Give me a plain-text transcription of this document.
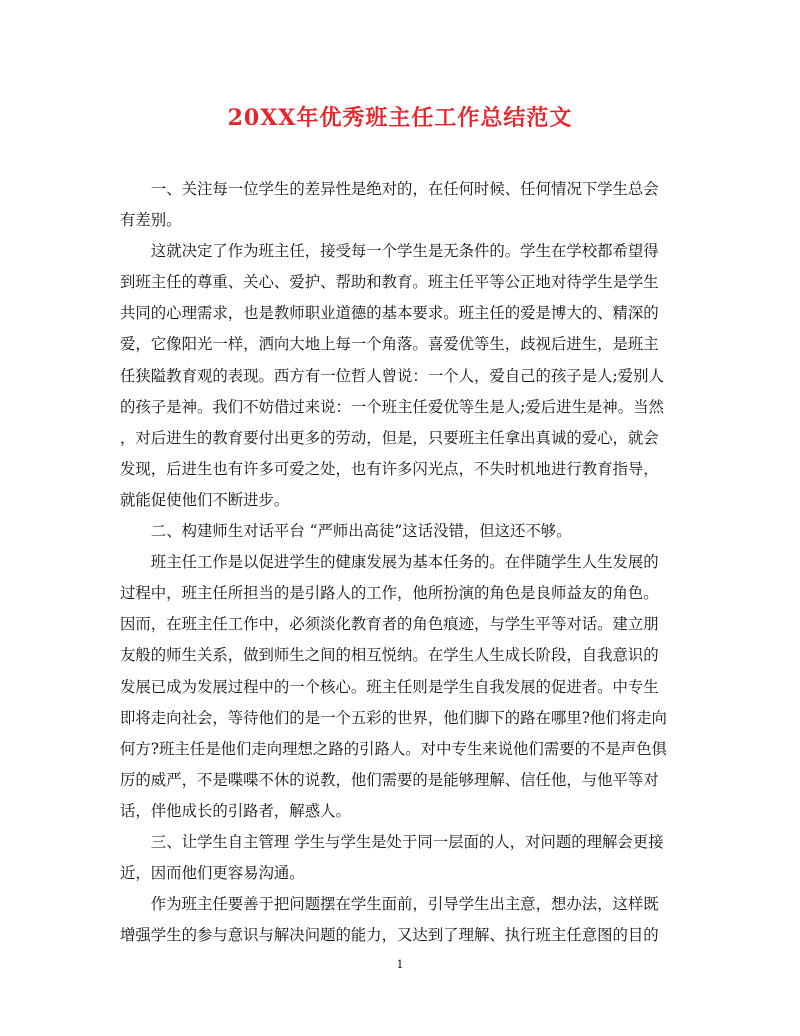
20XX年优秀班主任工作总结范文
一、关注每一位学生的差异性是绝对的，在任何时候、任何情况下学生总会
有差别。
这就决定了作为班主任，接受每一个学生是无条件的。学生在学校都希望得
到班主任的尊重、关心、爱护、帮助和教育。班主任平等公正地对待学生是学生
共同的心理需求，也是教师职业道德的基本要求。班主任的爱是博大的、精深的
爱，它像阳光一样，洒向大地上每一个角落。喜爱优等生，歧视后进生，是班主
任狭隘教育观的表现。西方有一位哲人曾说：一个人，爱自己的孩子是人;爱别人
的孩子是神。我们不妨借过来说：一个班主任爱优等生是人;爱后进生是神。当然
，对后进生的教育要付出更多的劳动，但是，只要班主任拿出真诚的爱心，就会
发现，后进生也有许多可爱之处，也有许多闪光点，不失时机地进行教育指导，
就能促使他们不断进步。
二、构建师生对话平台 “严师出高徒”这话没错，但这还不够。
班主任工作是以促进学生的健康发展为基本任务的。在伴随学生人生发展的
过程中，班主任所担当的是引路人的工作，他所扮演的角色是良师益友的角色。
因而，在班主任工作中，必须淡化教育者的角色痕迹，与学生平等对话。建立朋
友般的师生关系，做到师生之间的相互悦纳。在学生人生成长阶段，自我意识的
发展已成为发展过程中的一个核心。班主任则是学生自我发展的促进者。中专生
即将走向社会，等待他们的是一个五彩的世界，他们脚下的路在哪里?他们将走向
何方?班主任是他们走向理想之路的引路人。对中专生来说他们需要的不是声色俱
厉的威严，不是喋喋不休的说教，他们需要的是能够理解、信任他，与他平等对
话，伴他成长的引路者，解惑人。
三、让学生自主管理 学生与学生是处于同一层面的人，对问题的理解会更接
近，因而他们更容易沟通。
作为班主任要善于把问题摆在学生面前，引导学生出主意，想办法，这样既
增强学生的参与意识与解决问题的能力，又达到了理解、执行班主任意图的目的
1
